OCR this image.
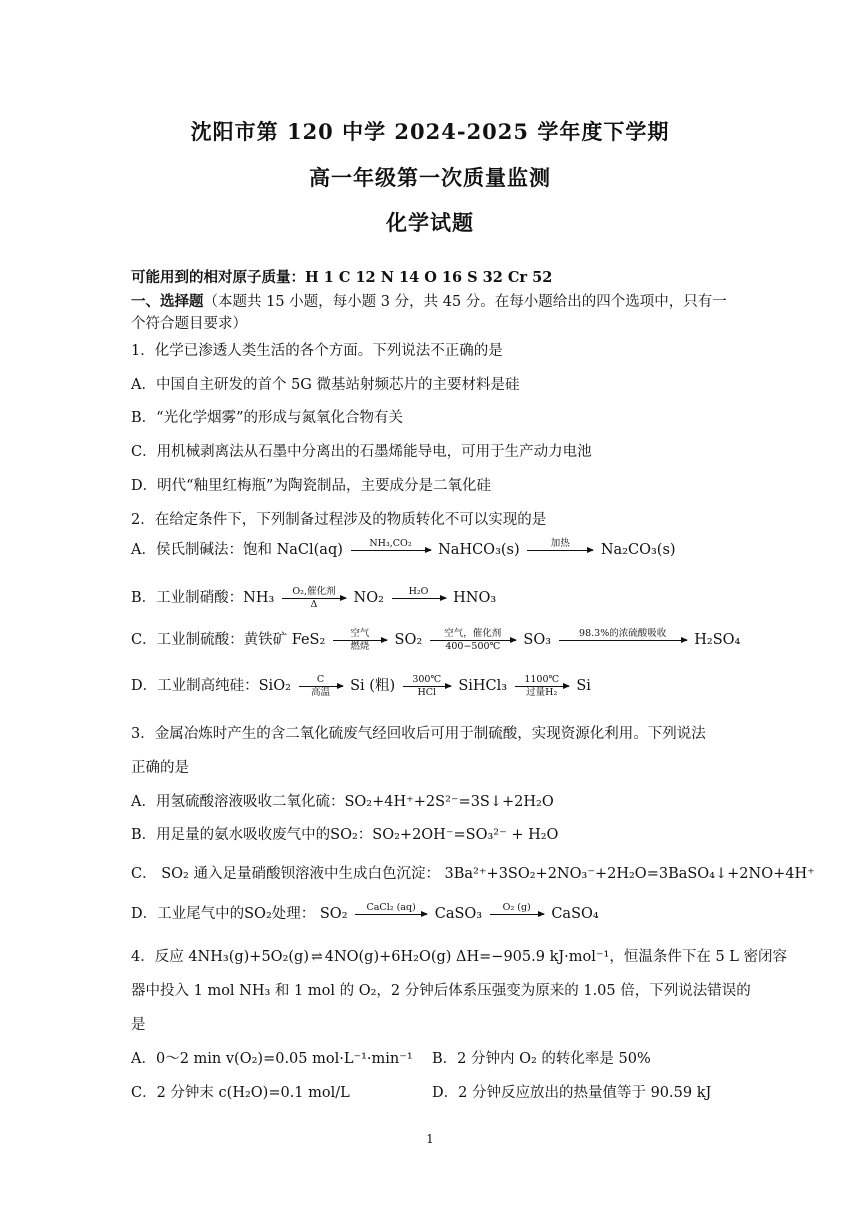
沈阳市第 120 中学 2024-2025 学年度下学期
高一年级第一次质量监测
化学试题
可能用到的相对原子质量：H 1 C 12 N 14 O 16 S 32 Cr 52
一、选择题（本题共 15 小题，每小题 3 分，共 45 分。在每小题给出的四个选项中，只有一
个符合题目要求）
1．化学已渗透人类生活的各个方面。下列说法不正确的是
A．中国自主研发的首个 5G 微基站射频芯片的主要材料是硅
B．“光化学烟雾”的形成与氮氧化合物有关
C．用机械剥离法从石墨中分离出的石墨烯能导电，可用于生产动力电池
D．明代“釉里红梅瓶”为陶瓷制品，主要成分是二氧化硅
2．在给定条件下，下列制备过程涉及的物质转化不可以实现的是
A．侯氏制碱法：饱和 NaCl(aq)	NH₃,CO₂
	NaHCO₃(s)	加热
	Na₂CO₃(s)
B．工业制硝酸：NH₃	O₂,催化剂
Δ	NO₂	H₂O
	HNO₃
C．工业制硫酸：黄铁矿 FeS₂	空气
燃烧	SO₂	空气，催化剂
400−500℃	SO₃	98.3%的浓硫酸吸收
	H₂SO₄
D．工业制高纯硅：SiO₂	C
高温	Si (粗)	300℃
HCl	SiHCl₃	1100℃
过量H₂	Si
3．金属冶炼时产生的含二氧化硫废气经回收后可用于制硫酸，实现资源化利用。下列说法
正确的是
A．用氢硫酸溶液吸收二氧化硫：SO₂+4H⁺+2S²⁻=3S↓+2H₂O
B．用足量的氨水吸收废气中的SO₂：SO₂+2OH⁻=SO₃²⁻ + H₂O
C． SO₂ 通入足量硝酸钡溶液中生成白色沉淀： 3Ba²⁺+3SO₂+2NO₃⁻+2H₂O=3BaSO₄↓+2NO+4H⁺
D．工业尾气中的SO₂处理： SO₂	CaCl₂ (aq)
	CaSO₃	O₂ (g)
	CaSO₄
4．反应 4NH₃(g)+5O₂(g) ⇌ 4NO(g)+6H₂O(g) ΔH=−905.9 kJ·mol⁻¹，恒温条件下在 5 L 密闭容
器中投入 1 mol NH₃ 和 1 mol 的 O₂，2 分钟后体系压强变为原来的 1.05 倍，下列说法错误的
是
A．0～2 min v(O₂)=0.05 mol·L⁻¹·min⁻¹ B．2 分钟内 O₂ 的转化率是 50%
C．2 分钟末 c(H₂O)=0.1 mol/L	D．2 分钟反应放出的热量值等于 90.59 kJ
1
